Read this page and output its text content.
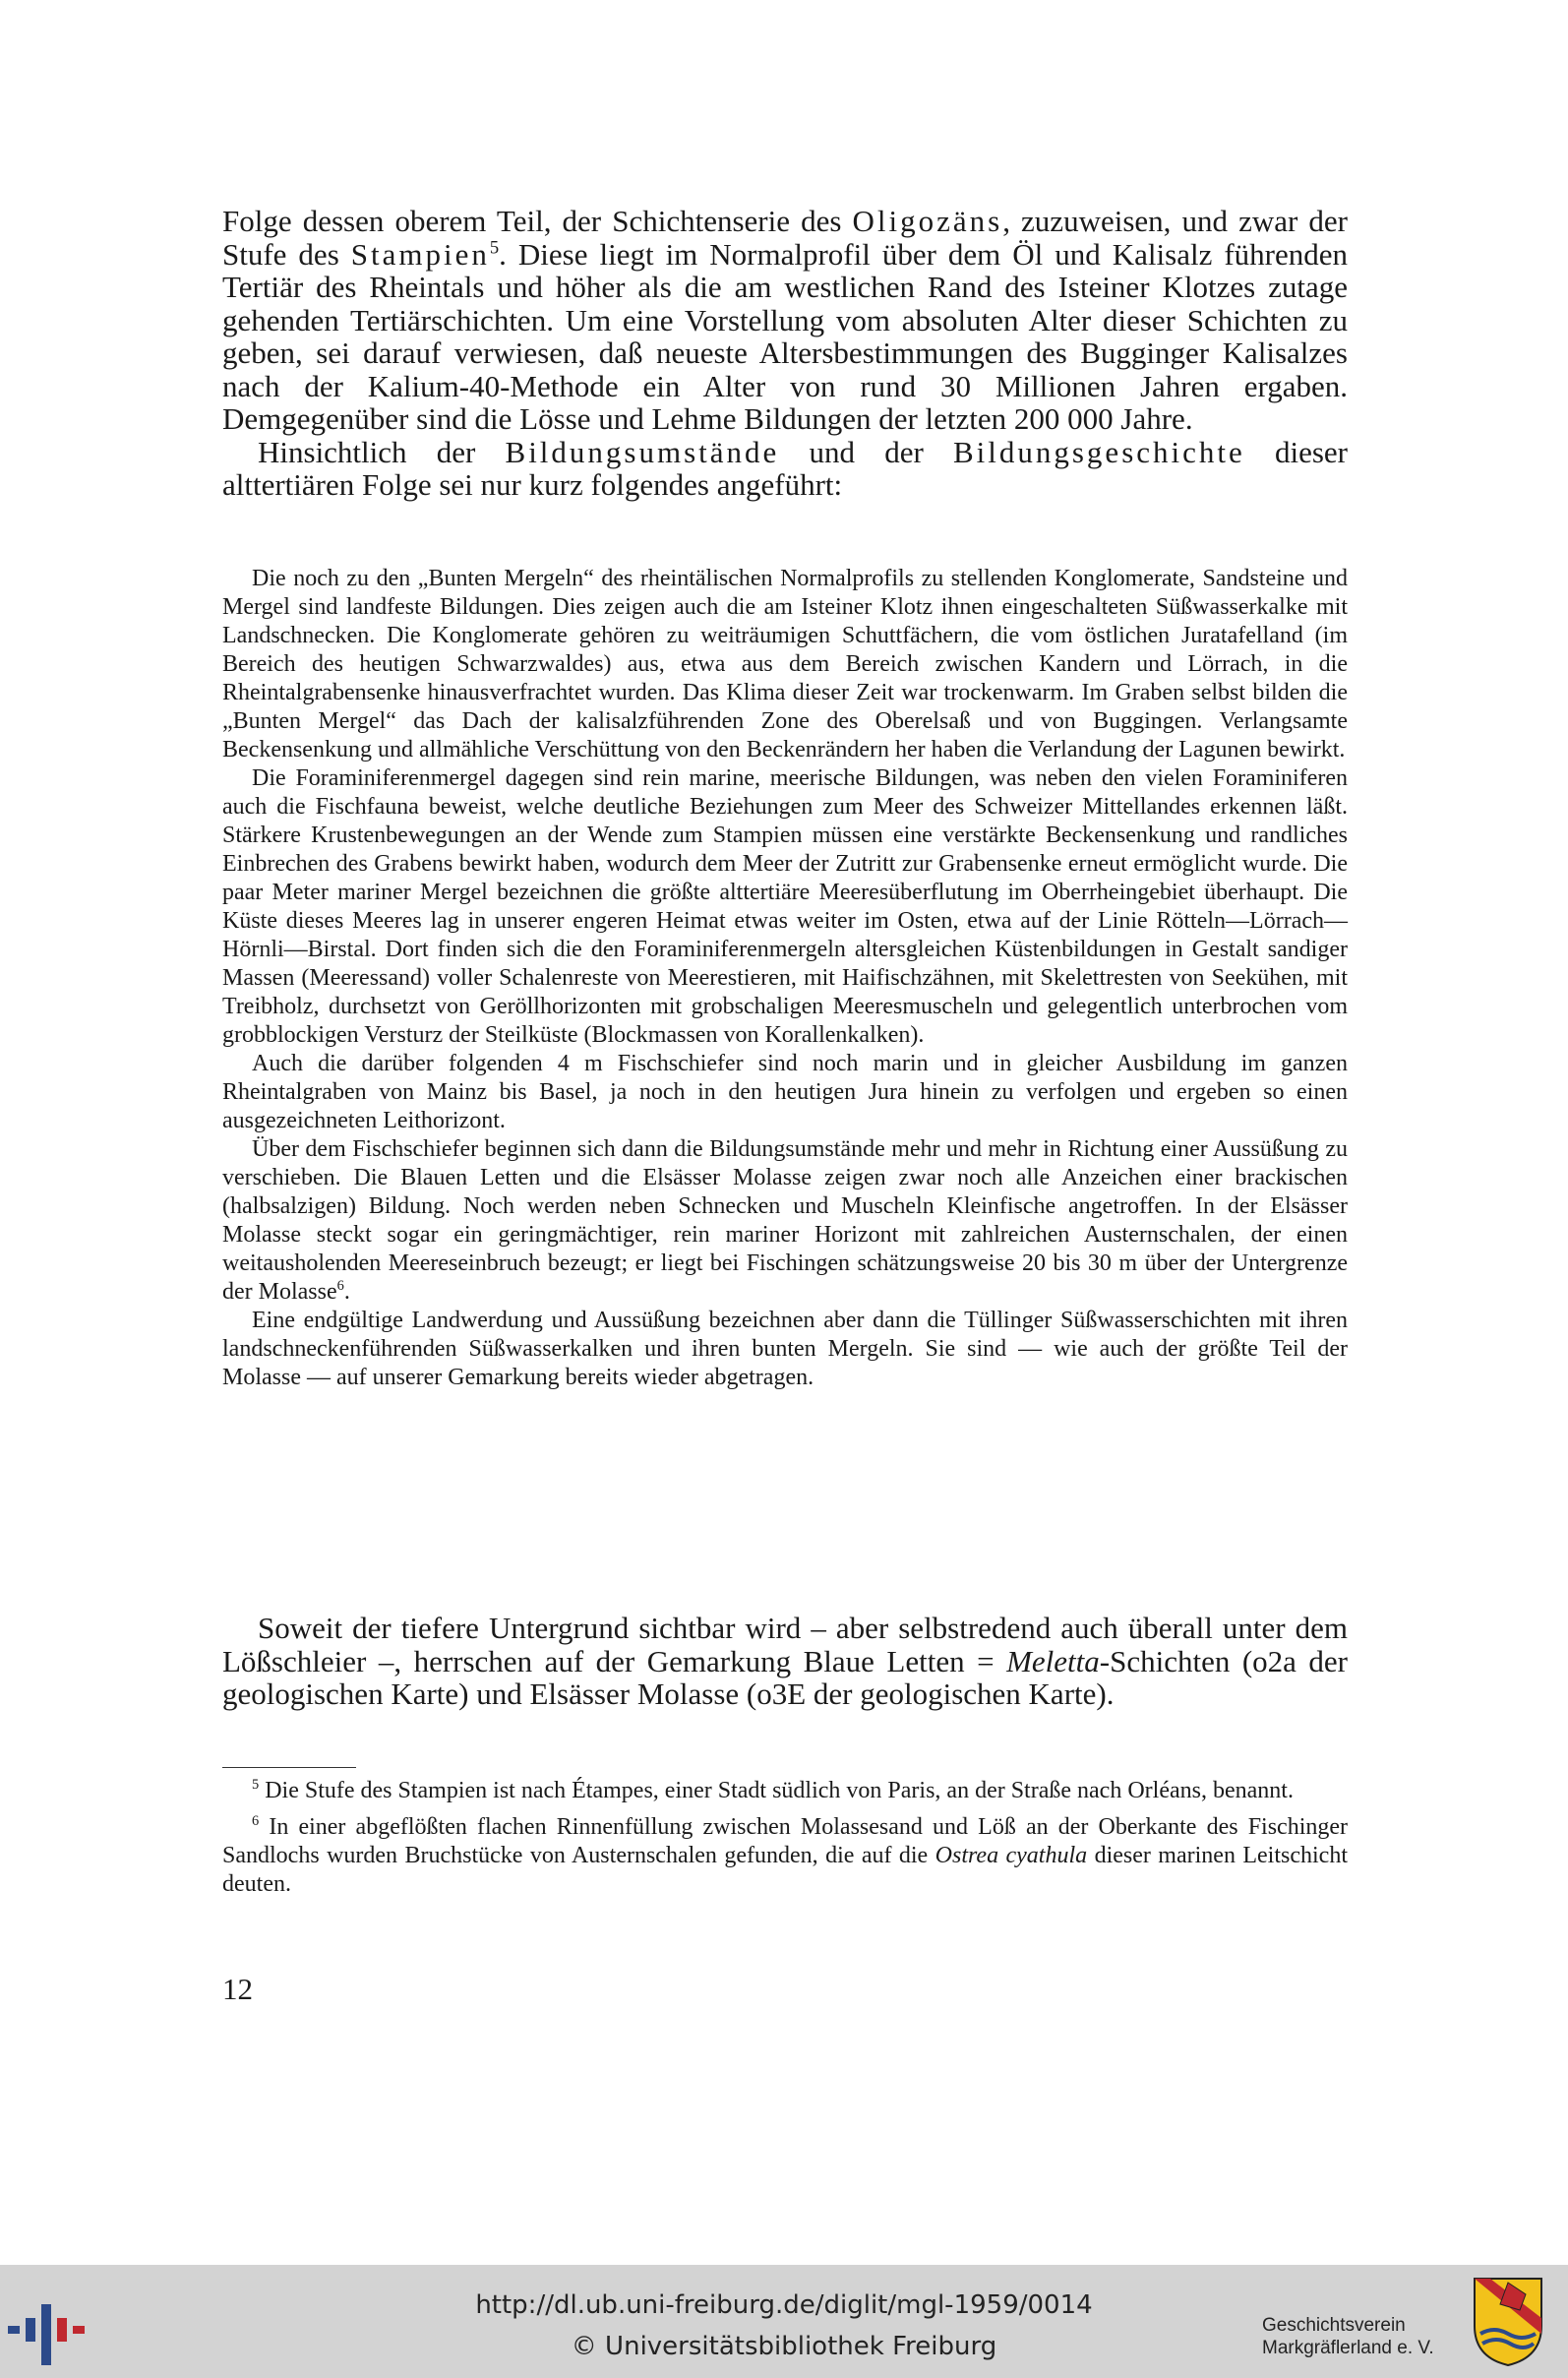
Folge dessen oberem Teil, der Schichtenserie des Oligozäns, zuzuweisen, und zwar der Stufe des Stampien$^5$. Diese liegt im Normalprofil über dem Öl und Kalisalz führenden Tertiär des Rheintals und höher als die am westlichen Rand des Isteiner Klotzes zutage gehenden Tertiärschichten. Um eine Vorstellung vom absoluten Alter dieser Schichten zu geben, sei darauf verwiesen, daß neueste Altersbestimmungen des Bugginger Kalisalzes nach der Kalium-40-Methode ein Alter von rund 30 Millionen Jahren ergaben. Demgegenüber sind die Lösse und Lehme Bildungen der letzten 200 000 Jahre.

Hinsichtlich der Bildungsumstände und der Bildungsgeschichte dieser alttertiären Folge sei nur kurz folgendes angeführt:

Die noch zu den „Bunten Mergeln“ des rheintälischen Normalprofils zu stellenden Konglomerate, Sandsteine und Mergel sind landfeste Bildungen. Dies zeigen auch die am Isteiner Klotz ihnen eingeschalteten Süßwasserkalke mit Landschnecken. Die Konglomerate gehören zu weiträumigen Schuttfächern, die vom östlichen Juratafelland (im Bereich des heutigen Schwarzwaldes) aus, etwa aus dem Bereich zwischen Kandern und Lörrach, in die Rheintalgrabensenke hinausverfrachtet wurden. Das Klima dieser Zeit war trockenwarm. Im Graben selbst bilden die „Bunten Mergel“ das Dach der kalisalzführenden Zone des Oberelsaß und von Buggingen. Verlangsamte Beckensenkung und allmähliche Verschüttung von den Beckenrändern her haben die Verlandung der Lagunen bewirkt.

Die Foraminiferenmergel dagegen sind rein marine, meerische Bildungen, was neben den vielen Foraminiferen auch die Fischfauna beweist, welche deutliche Beziehungen zum Meer des Schweizer Mittellandes erkennen läßt. Stärkere Krustenbewegungen an der Wende zum Stampien müssen eine verstärkte Beckensenkung und randliches Einbrechen des Grabens bewirkt haben, wodurch dem Meer der Zutritt zur Grabensenke erneut ermöglicht wurde. Die paar Meter mariner Mergel bezeichnen die größte alttertiäre Meeresüberflutung im Oberrheingebiet überhaupt. Die Küste dieses Meeres lag in unserer engeren Heimat etwas weiter im Osten, etwa auf der Linie Rötteln—Lörrach—Hörnli—Birstal. Dort finden sich die den Foraminiferenmergeln altersgleichen Küstenbildungen in Gestalt sandiger Massen (Meeressand) voller Schalenreste von Meerestieren, mit Haifischzähnen, mit Skelettresten von Seekühen, mit Treibholz, durchsetzt von Geröllhorizonten mit grobschaligen Meeresmuscheln und gelegentlich unterbrochen vom grobblockigen Versturz der Steilküste (Blockmassen von Korallenkalken).

Auch die darüber folgenden 4 m Fischschiefer sind noch marin und in gleicher Ausbildung im ganzen Rheintalgraben von Mainz bis Basel, ja noch in den heutigen Jura hinein zu verfolgen und ergeben so einen ausgezeichneten Leithorizont.

Über dem Fischschiefer beginnen sich dann die Bildungsumstände mehr und mehr in Richtung einer Aussüßung zu verschieben. Die Blauen Letten und die Elsässer Molasse zeigen zwar noch alle Anzeichen einer brackischen (halbsalzigen) Bildung. Noch werden neben Schnecken und Muscheln Kleinfische angetroffen. In der Elsässer Molasse steckt sogar ein geringmächtiger, rein mariner Horizont mit zahlreichen Austernschalen, der einen weitausholenden Meereseinbruch bezeugt; er liegt bei Fischingen schätzungsweise 20 bis 30 m über der Untergrenze der Molasse$^6$.

Eine endgültige Landwerdung und Aussüßung bezeichnen aber dann die Tüllinger Süßwasserschichten mit ihren landschneckenführenden Süßwasserkalken und ihren bunten Mergeln. Sie sind — wie auch der größte Teil der Molasse — auf unserer Gemarkung bereits wieder abgetragen.

Soweit der tiefere Untergrund sichtbar wird – aber selbstredend auch überall unter dem Lößschleier –, herrschen auf der Gemarkung Blaue Letten = Meletta-Schichten (o2a der geologischen Karte) und Elsässer Molasse (o3E der geologischen Karte).

$^5$ Die Stufe des Stampien ist nach Étampes, einer Stadt südlich von Paris, an der Straße nach Orléans, benannt.

$^6$ In einer abgeflößten flachen Rinnenfüllung zwischen Molassesand und Löß an der Oberkante des Fischinger Sandlochs wurden Bruchstücke von Austernschalen gefunden, die auf die Ostrea cyathula dieser marinen Leitschicht deuten.

12
http://dl.ub.uni-freiburg.de/diglit/mgl-1959/0014
© Universitätsbibliothek Freiburg
Geschichtsverein
Markgräflerland e. V.
